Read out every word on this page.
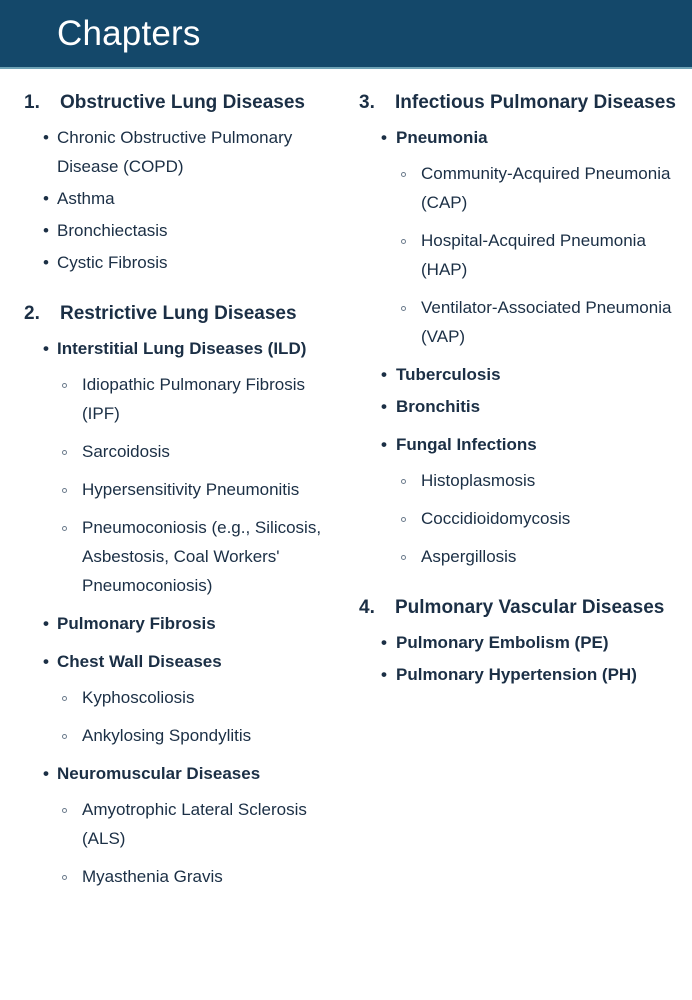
Chapters
1.	Obstructive Lung Diseases
• Chronic Obstructive Pulmonary Disease (COPD)
• Asthma
• Bronchiectasis
• Cystic Fibrosis
2.	Restrictive Lung Diseases
• Interstitial Lung Diseases (ILD)
Idiopathic Pulmonary Fibrosis (IPF)
Sarcoidosis
Hypersensitivity Pneumonitis
Pneumoconiosis (e.g., Silicosis, Asbestosis, Coal Workers' Pneumoconiosis)
• Pulmonary Fibrosis
• Chest Wall Diseases
Kyphoscoliosis
Ankylosing Spondylitis
• Neuromuscular Diseases
Amyotrophic Lateral Sclerosis (ALS)
Myasthenia Gravis
3.	Infectious Pulmonary Diseases
• Pneumonia
Community-Acquired Pneumonia (CAP)
Hospital-Acquired Pneumonia (HAP)
Ventilator-Associated Pneumonia (VAP)
• Tuberculosis
• Bronchitis
• Fungal Infections
Histoplasmosis
Coccidioidomycosis
Aspergillosis
4.	Pulmonary Vascular Diseases
• Pulmonary Embolism (PE)
• Pulmonary Hypertension (PH)
